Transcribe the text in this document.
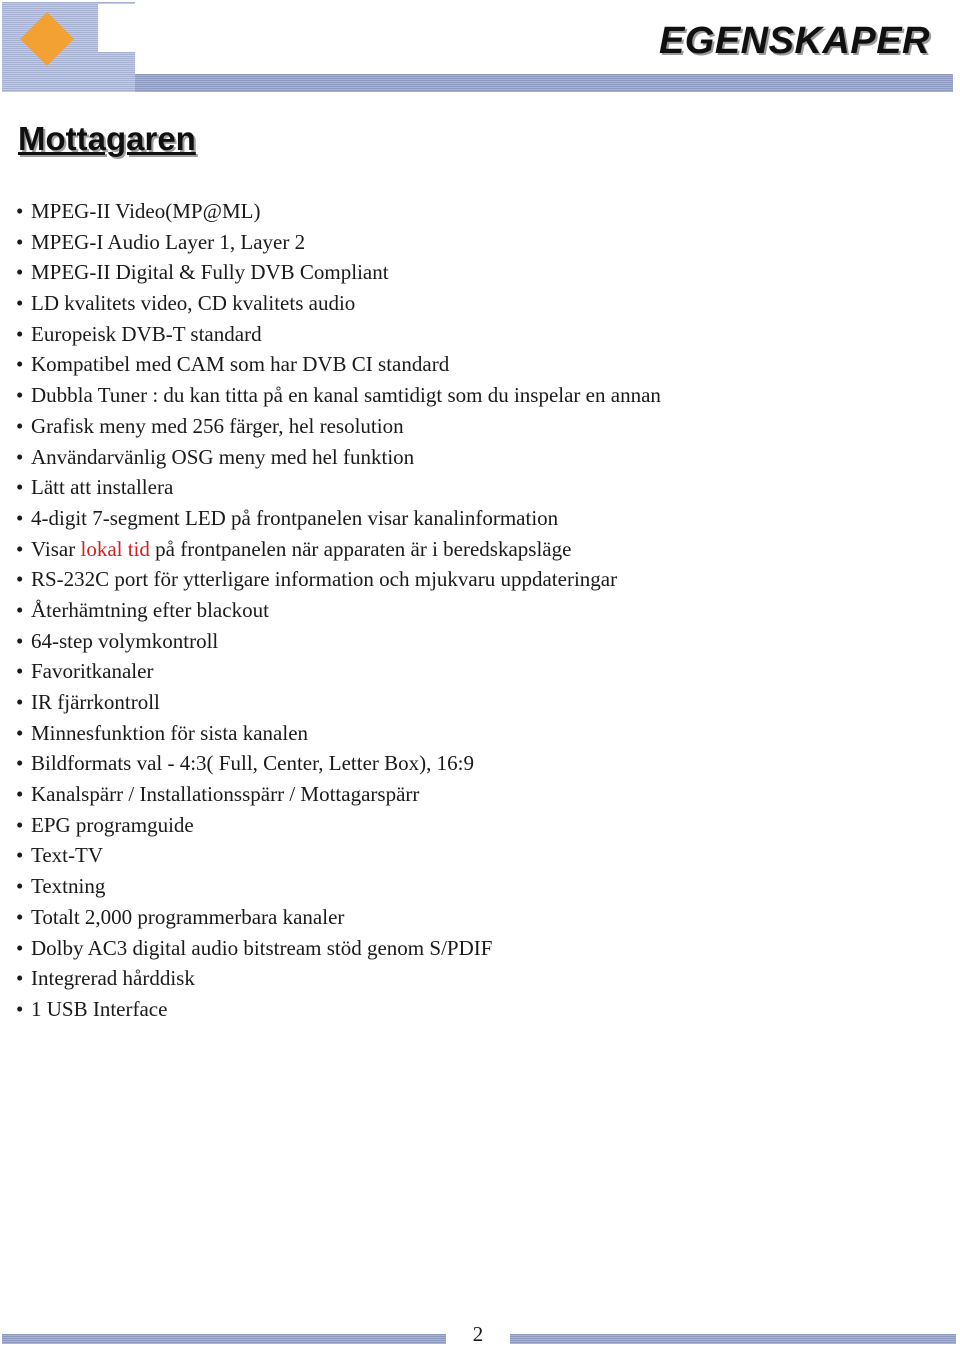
EGENSKAPER
Mottagaren
• MPEG-II Video(MP@ML)
• MPEG-I Audio Layer 1, Layer 2
• MPEG-II Digital & Fully DVB Compliant
• LD kvalitets video, CD kvalitets audio
• Europeisk DVB-T standard
• Kompatibel med CAM som har DVB CI standard
• Dubbla Tuner : du kan titta på en kanal samtidigt som du inspelar en annan
• Grafisk meny med 256 färger, hel resolution
• Användarvänlig OSG meny med hel funktion
• Lätt att installera
• 4-digit 7-segment LED på frontpanelen visar kanalinformation
• Visar lokal tid på frontpanelen när apparaten är i beredskapsläge
• RS-232C port för ytterligare information och mjukvaru uppdateringar
• Återhämtning efter blackout
• 64-step volymkontroll
• Favoritkanaler
• IR fjärrkontroll
• Minnesfunktion för sista kanalen
• Bildformats val - 4:3( Full, Center, Letter Box), 16:9
• Kanalspärr / Installationsspärr / Mottagarspärr
• EPG programguide
• Text-TV
• Textning
• Totalt 2,000 programmerbara kanaler
• Dolby AC3 digital audio bitstream stöd genom S/PDIF
• Integrerad hårddisk
• 1 USB Interface
2
